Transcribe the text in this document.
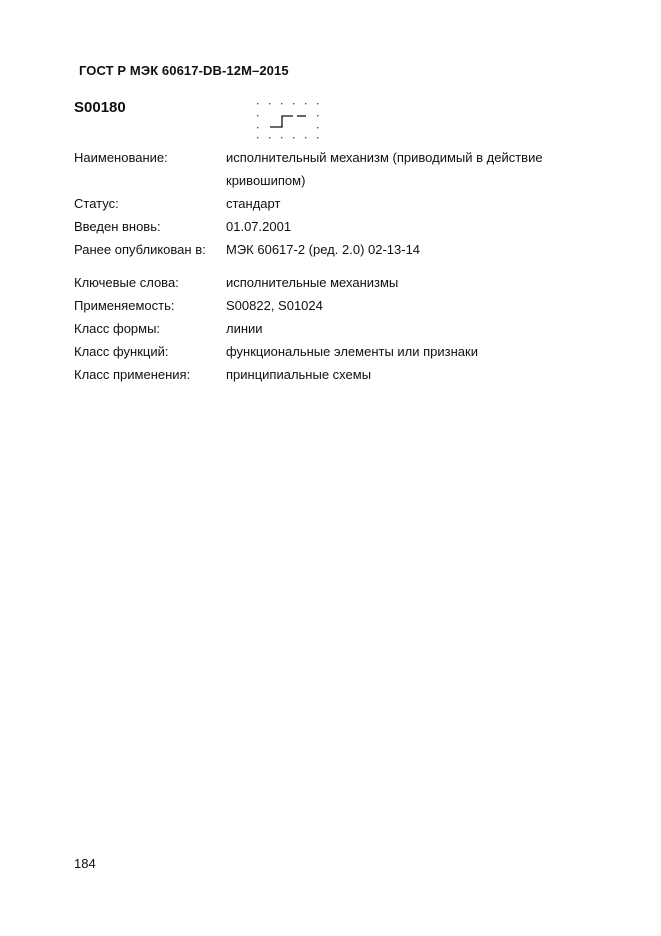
ГОСТ Р МЭК 60617-DB-12М–2015
S00180
Наименование:	исполнительный механизм (приводимый в действие
кривошипом)
Статус:	стандарт
Введен вновь:	01.07.2001
Ранее опубликован в: МЭК 60617-2 (ред. 2.0) 02-13-14
Ключевые слова:	исполнительные механизмы
Применяемость:	S00822, S01024
Класс формы:	линии
Класс функций:	функциональные элементы или признаки
Класс применения:	принципиальные схемы
184
